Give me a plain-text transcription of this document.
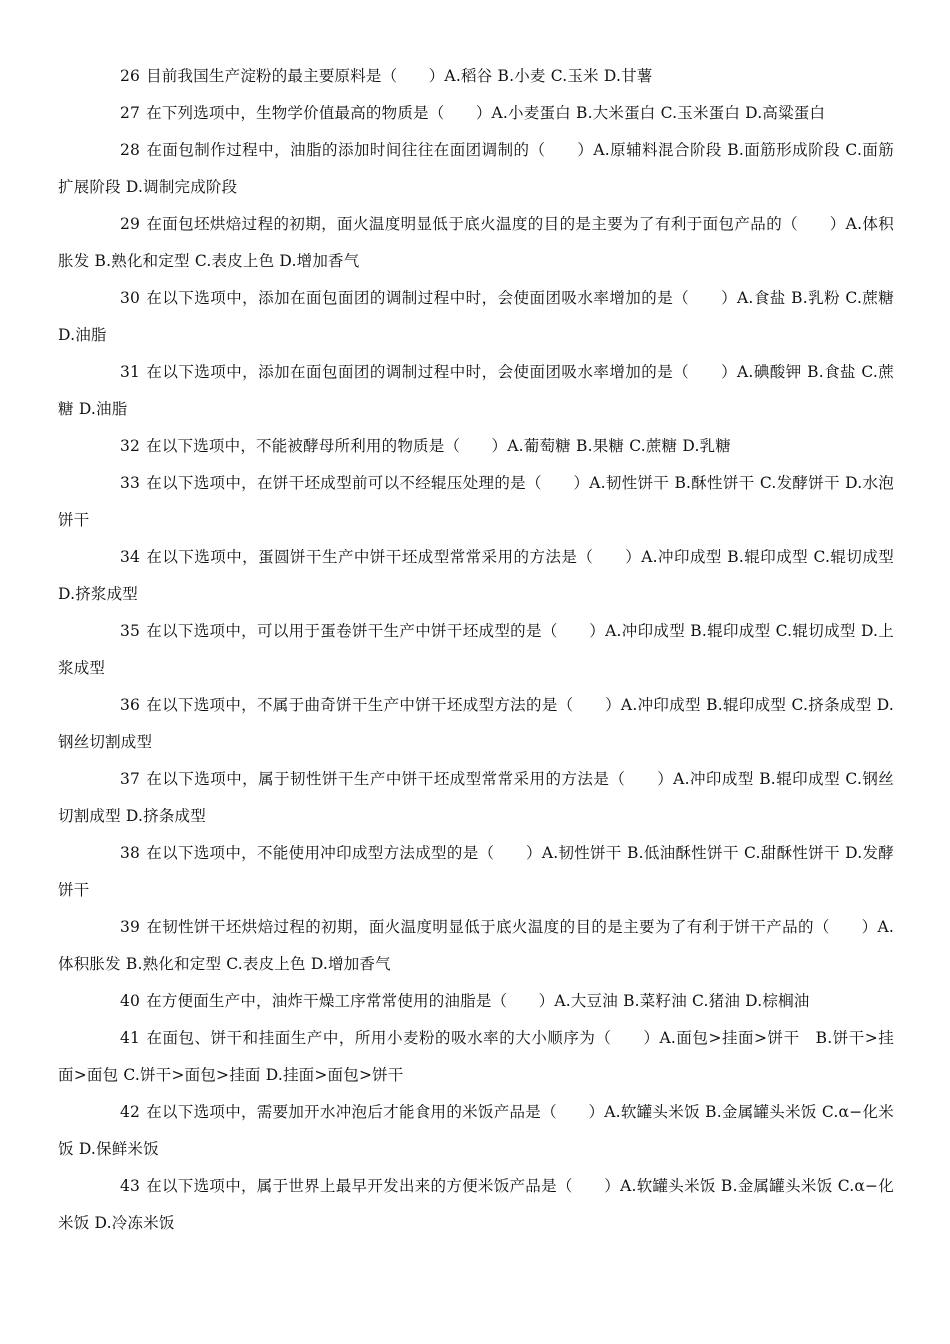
26 目前我国生产淀粉的最主要原料是（　　）A.稻谷 B.小麦 C.玉米 D.甘薯

27 在下列选项中，生物学价值最高的物质是（　　）A.小麦蛋白 B.大米蛋白 C.玉米蛋白 D.高粱蛋白

28 在面包制作过程中，油脂的添加时间往往在面团调制的（　　）A.原辅料混合阶段 B.面筋形成阶段 C.面筋扩展阶段 D.调制完成阶段

29 在面包坯烘焙过程的初期，面火温度明显低于底火温度的目的是主要为了有利于面包产品的（　　）A.体积胀发 B.熟化和定型 C.表皮上色 D.增加香气

30 在以下选项中，添加在面包面团的调制过程中时，会使面团吸水率增加的是（　　）A.食盐 B.乳粉 C.蔗糖 D.油脂

31 在以下选项中，添加在面包面团的调制过程中时，会使面团吸水率增加的是（　　）A.碘酸钾 B.食盐 C.蔗糖 D.油脂

32 在以下选项中，不能被酵母所利用的物质是（　　）A.葡萄糖 B.果糖 C.蔗糖 D.乳糖

33 在以下选项中，在饼干坯成型前可以不经辊压处理的是（　　）A.韧性饼干 B.酥性饼干 C.发酵饼干 D.水泡饼干

34 在以下选项中，蛋圆饼干生产中饼干坯成型常常采用的方法是（　　）A.冲印成型 B.辊印成型 C.辊切成型 D.挤浆成型

35 在以下选项中，可以用于蛋卷饼干生产中饼干坯成型的是（　　）A.冲印成型 B.辊印成型 C.辊切成型 D.上浆成型

36 在以下选项中，不属于曲奇饼干生产中饼干坯成型方法的是（　　）A.冲印成型 B.辊印成型 C.挤条成型 D.钢丝切割成型

37 在以下选项中，属于韧性饼干生产中饼干坯成型常常采用的方法是（　　）A.冲印成型 B.辊印成型 C.钢丝切割成型 D.挤条成型

38 在以下选项中，不能使用冲印成型方法成型的是（　　）A.韧性饼干 B.低油酥性饼干 C.甜酥性饼干 D.发酵饼干

39 在韧性饼干坯烘焙过程的初期，面火温度明显低于底火温度的目的是主要为了有利于饼干产品的（　　）A.体积胀发 B.熟化和定型 C.表皮上色 D.增加香气

40 在方便面生产中，油炸干燥工序常常使用的油脂是（　　）A.大豆油 B.菜籽油 C.猪油 D.棕榈油

41 在面包、饼干和挂面生产中，所用小麦粉的吸水率的大小顺序为（　　）A.面包>挂面>饼干　B.饼干>挂面>面包 C.饼干>面包>挂面 D.挂面>面包>饼干

42 在以下选项中，需要加开水冲泡后才能食用的米饭产品是（　　）A.软罐头米饭 B.金属罐头米饭 C.α−化米饭 D.保鲜米饭

43 在以下选项中，属于世界上最早开发出来的方便米饭产品是（　　）A.软罐头米饭 B.金属罐头米饭 C.α−化米饭 D.冷冻米饭
